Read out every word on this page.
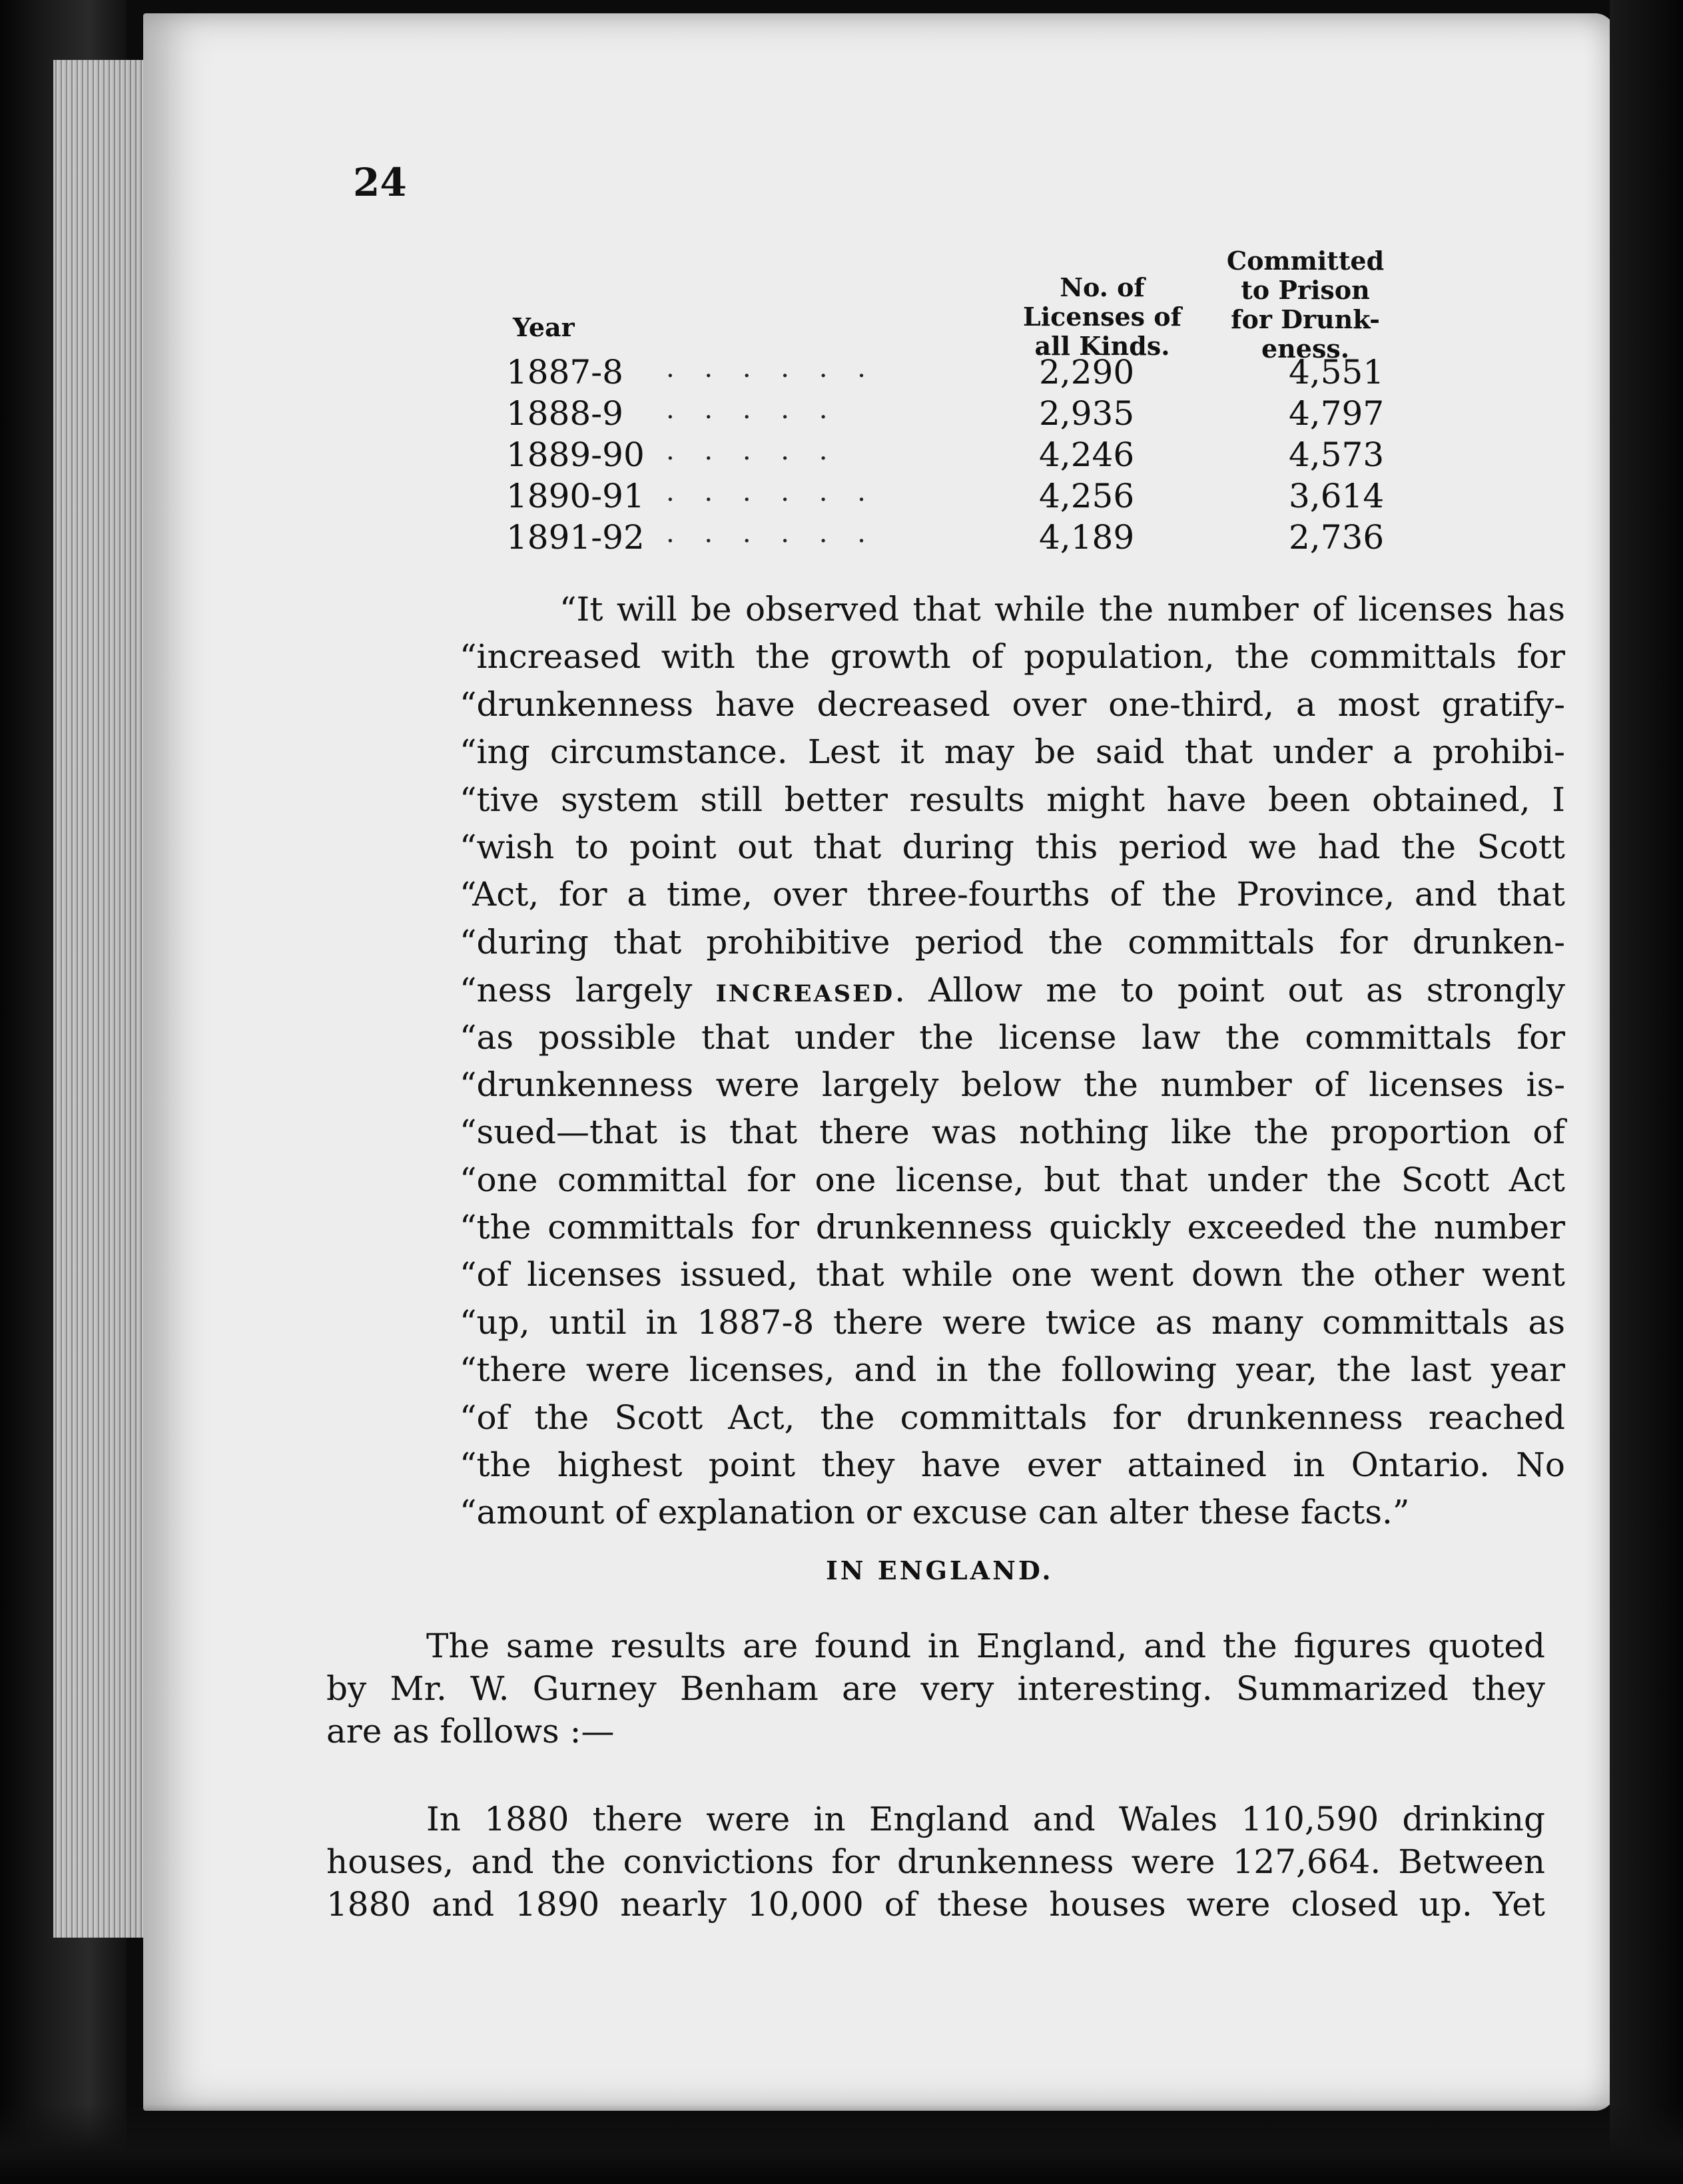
24
Year
No. of
Licenses of
all Kinds.
Committed
to Prison
for Drunk-
eness.
1887-8 . . . . . .	2,290	4,551
1888-9 . . . . .	2,935	4,797
1889-90 . . . . .	4,246	4,573
1890-91 . . . . . .	4,256	3,614
1891-92 . . . . . .	4,189	2,736
“It will be observed that while the number of licenses has
“increased with the growth of population, the committals for
“drunkenness have decreased over one-third, a most gratify-
“ing circumstance. Lest it may be said that under a prohibi-
“tive system still better results might have been obtained, I
“wish to point out that during this period we had the Scott
“Act, for a time, over three-fourths of the Province, and that
“during that prohibitive period the committals for drunken-
“ness largely increased. Allow me to point out as strongly
“as possible that under the license law the committals for
“drunkenness were largely below the number of licenses is-
“sued—that is that there was nothing like the proportion of
“one committal for one license, but that under the Scott Act
“the committals for drunkenness quickly exceeded the number
“of licenses issued, that while one went down the other went
“up, until in 1887-8 there were twice as many committals as
“there were licenses, and in the following year, the last year
“of the Scott Act, the committals for drunkenness reached
“the highest point they have ever attained in Ontario. No
“amount of explanation or excuse can alter these facts.”
IN ENGLAND.
The same results are found in England, and the figures quoted
by Mr. W. Gurney Benham are very interesting. Summarized they
are as follows :—
In 1880 there were in England and Wales 110,590 drinking
houses, and the convictions for drunkenness were 127,664. Between
1880 and 1890 nearly 10,000 of these houses were closed up. Yet
